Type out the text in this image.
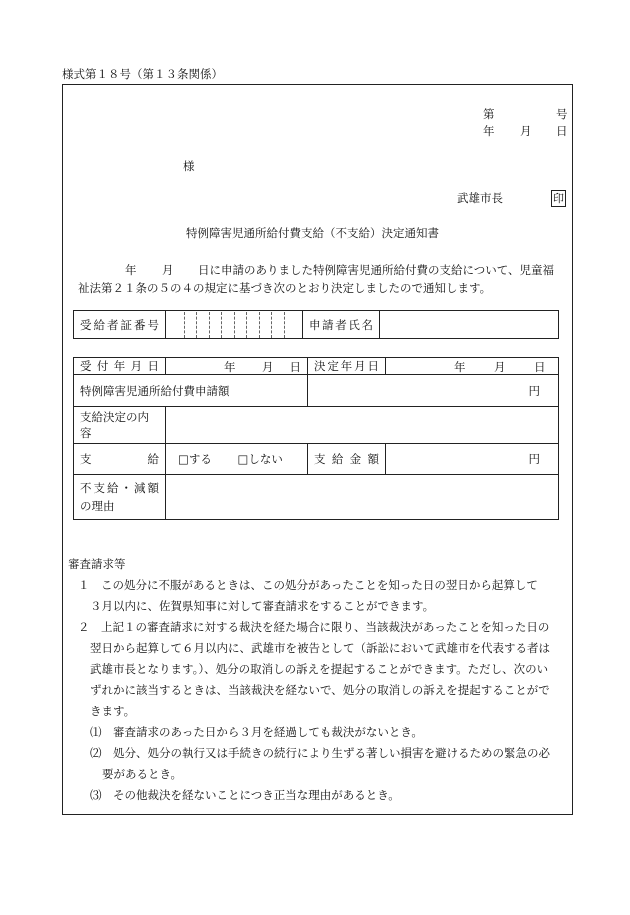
様式第１８号（第１３条関係）
第	号
年 月 日
様
武雄市長	印
特例障害児通所給付費支給（不支給）決定通知書
年 月 日に申請のありました特例障害児通所給付費の支給について、児童福
祉法第２１条の５の４の規定に基づき次のとおり決定しましたので通知します。
受給者証番号		申請者氏名

受付年月日	年 月 日	決定年月日	年 月 日

特例障害児通所給付費申請額		円	
支給決定の内容			

支給	□する □しない	支給金額	円

不支給・減額
の理由			

審査請求等

１　この処分に不服があるときは、この処分があったことを知った日の翌日から起算して

３月以内に、佐賀県知事に対して審査請求をすることができます。

２　上記１の審査請求に対する裁決を経た場合に限り、当該裁決があったことを知った日の

翌日から起算して６月以内に、武雄市を被告として（訴訟において武雄市を代表する者は

武雄市長となります。）、処分の取消しの訴えを提起することができます。ただし、次のい

ずれかに該当するときは、当該裁決を経ないで、処分の取消しの訴えを提起することがで

きます。

⑴　審査請求のあった日から３月を経過しても裁決がないとき。

⑵　処分、処分の執行又は手続きの続行により生ずる著しい損害を避けるための緊急の必

要があるとき。

⑶　その他裁決を経ないことにつき正当な理由があるとき。
